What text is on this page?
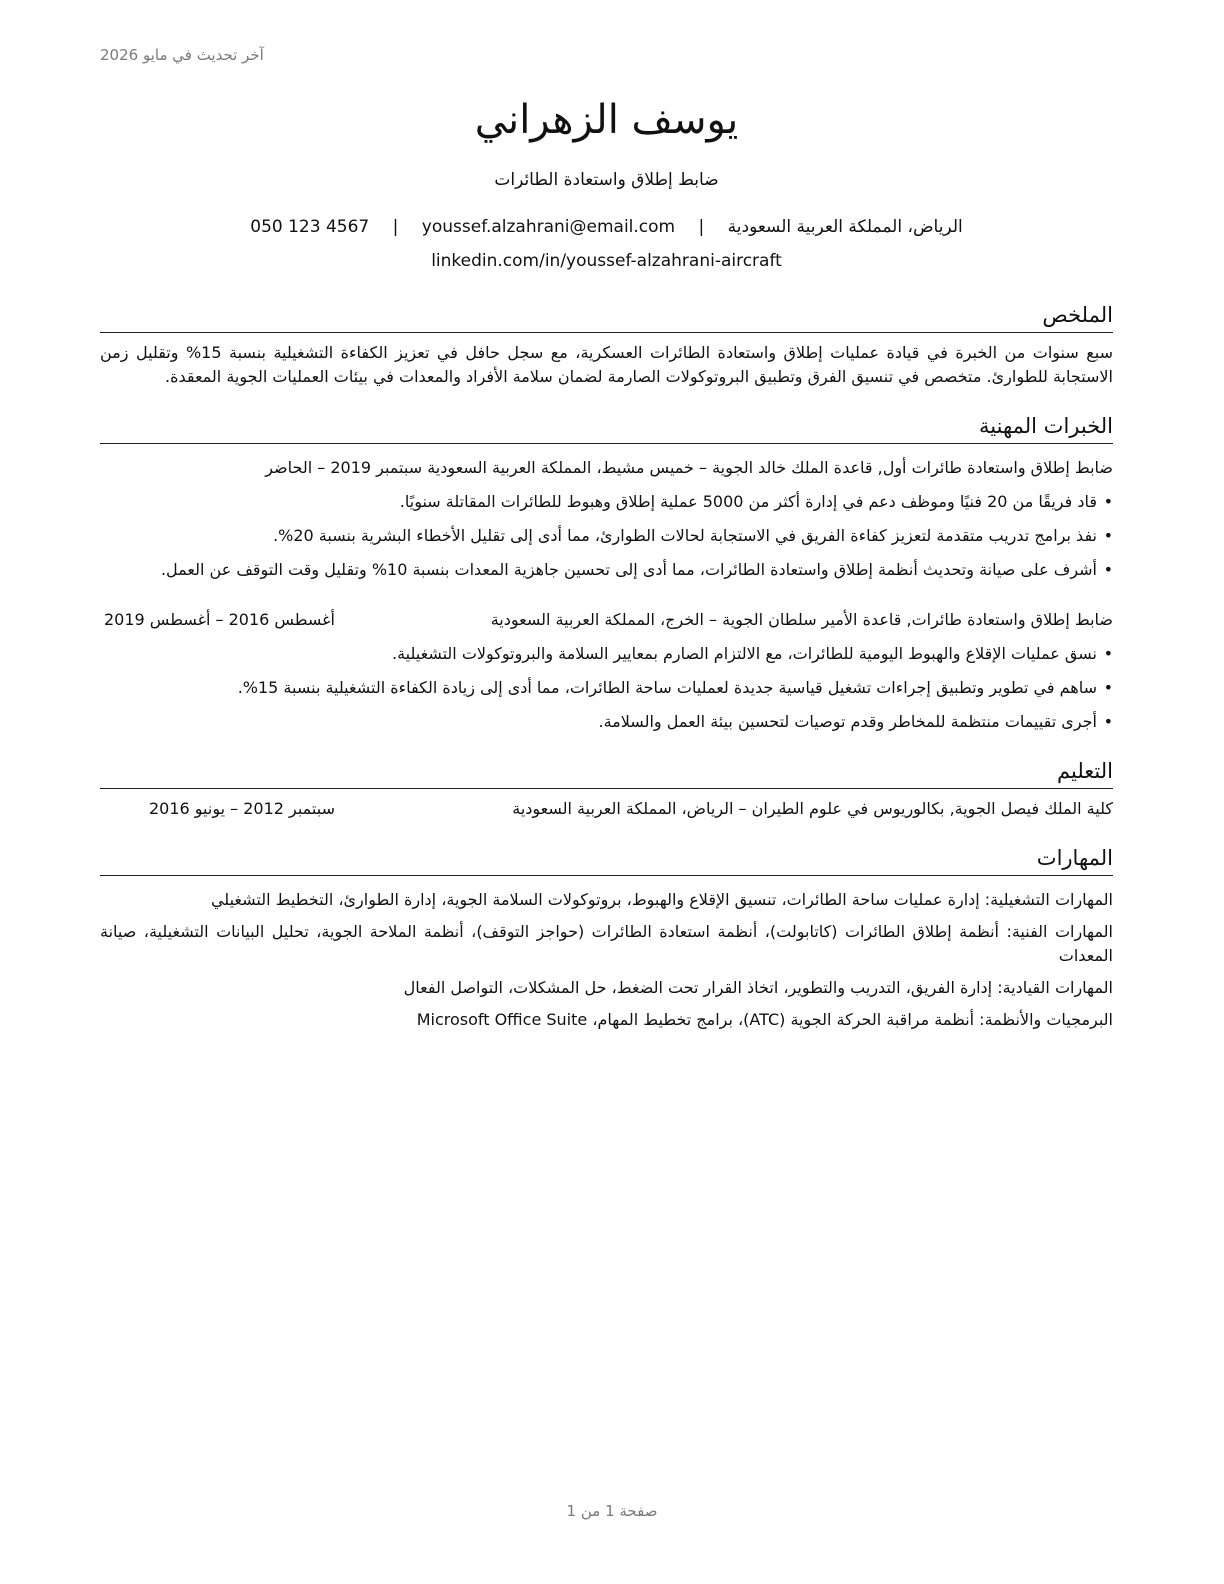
آخر تحديث في مايو 2026
يوسف الزهراني
ضابط إطلاق واستعادة الطائرات
الرياض، المملكة العربية السعودية | youssef.alzahrani@email.com | 050 123 4567
linkedin.com/in/youssef-alzahrani-aircraft
الملخص
سبع سنوات من الخبرة في قيادة عمليات إطلاق واستعادة الطائرات العسكرية، مع سجل حافل في تعزيز الكفاءة التشغيلية بنسبة 15% وتقليل زمن الاستجابة للطوارئ. متخصص في تنسيق الفرق وتطبيق البروتوكولات الصارمة لضمان سلامة الأفراد والمعدات في بيئات العمليات الجوية المعقدة.
الخبرات المهنية
ضابط إطلاق واستعادة طائرات أول, قاعدة الملك خالد الجوية – خميس مشيط، المملكة العربية السعودية سبتمبر 2019 – الحاضر
• قاد فريقًا من 20 فنيًا وموظف دعم في إدارة أكثر من 5000 عملية إطلاق وهبوط للطائرات المقاتلة سنويًا.
• نفذ برامج تدريب متقدمة لتعزيز كفاءة الفريق في الاستجابة لحالات الطوارئ، مما أدى إلى تقليل الأخطاء البشرية بنسبة 20%.
• أشرف على صيانة وتحديث أنظمة إطلاق واستعادة الطائرات، مما أدى إلى تحسين جاهزية المعدات بنسبة 10% وتقليل وقت التوقف عن العمل.
ضابط إطلاق واستعادة طائرات, قاعدة الأمير سلطان الجوية – الخرج، المملكة العربية السعودية
أغسطس 2016 – أغسطس 2019
• نسق عمليات الإقلاع والهبوط اليومية للطائرات، مع الالتزام الصارم بمعايير السلامة والبروتوكولات التشغيلية.
• ساهم في تطوير وتطبيق إجراءات تشغيل قياسية جديدة لعمليات ساحة الطائرات، مما أدى إلى زيادة الكفاءة التشغيلية بنسبة 15%.
• أجرى تقييمات منتظمة للمخاطر وقدم توصيات لتحسين بيئة العمل والسلامة.
التعليم
كلية الملك فيصل الجوية, بكالوريوس في علوم الطيران – الرياض، المملكة العربية السعودية
سبتمبر 2012 – يونيو 2016
المهارات
المهارات التشغيلية: إدارة عمليات ساحة الطائرات، تنسيق الإقلاع والهبوط، بروتوكولات السلامة الجوية، إدارة الطوارئ، التخطيط التشغيلي
المهارات الفنية: أنظمة إطلاق الطائرات (كاتابولت)، أنظمة استعادة الطائرات (حواجز التوقف)، أنظمة الملاحة الجوية، تحليل البيانات التشغيلية، صيانة المعدات
المهارات القيادية: إدارة الفريق، التدريب والتطوير، اتخاذ القرار تحت الضغط، حل المشكلات، التواصل الفعال
البرمجيات والأنظمة: أنظمة مراقبة الحركة الجوية (ATC)، برامج تخطيط المهام، Microsoft Office Suite
صفحة 1 من 1
